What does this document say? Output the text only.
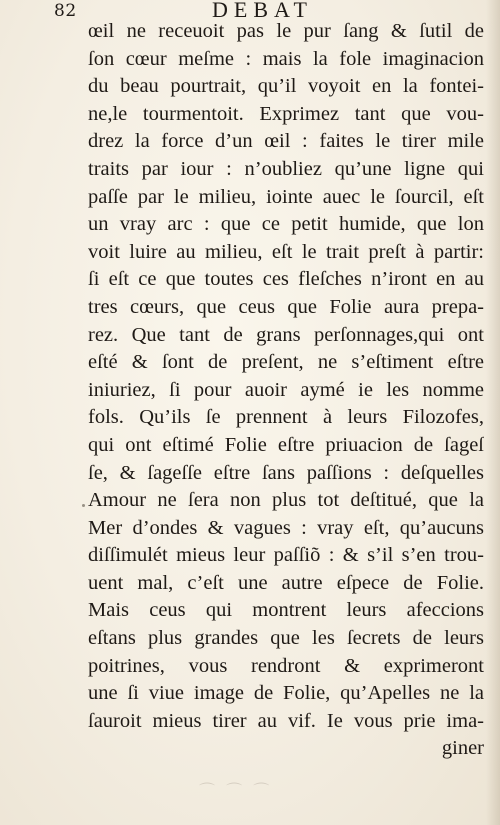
82	DEBAT
œil ne receuoit pas le pur ſang & ſutil de
ſon cœur meſme : mais la fole imaginacion
du beau pourtrait, qu’il voyoit en la fontei-
ne,le tourmentoit. Exprimez tant que vou-
drez la force d’un œil : faites le tirer mile
traits par iour : n’oubliez qu’une ligne qui
paſſe par le milieu, iointe auec le ſourcil, eſt
un vray arc : que ce petit humide, que lon
voit luire au milieu, eſt le trait preſt à partir:
ſi eſt ce que toutes ces fleſches n’iront en au
tres cœurs, que ceus que Folie aura prepa-
rez. Que tant de grans perſonnages,qui ont
eſté & ſont de preſent, ne s’eſtiment eſtre
iniuriez, ſi pour auoir aymé ie les nomme
fols. Qu’ils ſe prennent à leurs Filozofes,
qui ont eſtimé Folie eſtre priuacion de ſageſ
ſe, & ſageſſe eſtre ſans paſſions : deſquelles
Amour ne ſera non plus tot deſtitué, que la
Mer d’ondes & vagues : vray eſt, qu’aucuns
diſſimulét mieus leur paſſiõ : & s’il s’en trou-
uent mal, c’eſt une autre eſpece de Folie.
Mais ceus qui montrent leurs afeccions
eſtans plus grandes que les ſecrets de leurs
poitrines, vous rendront & exprimeront
une ſi viue image de Folie, qu’Apelles ne la
ſauroit mieus tirer au vif. Ie vous prie ima-
giner
⌒ ⌒ ⌒
